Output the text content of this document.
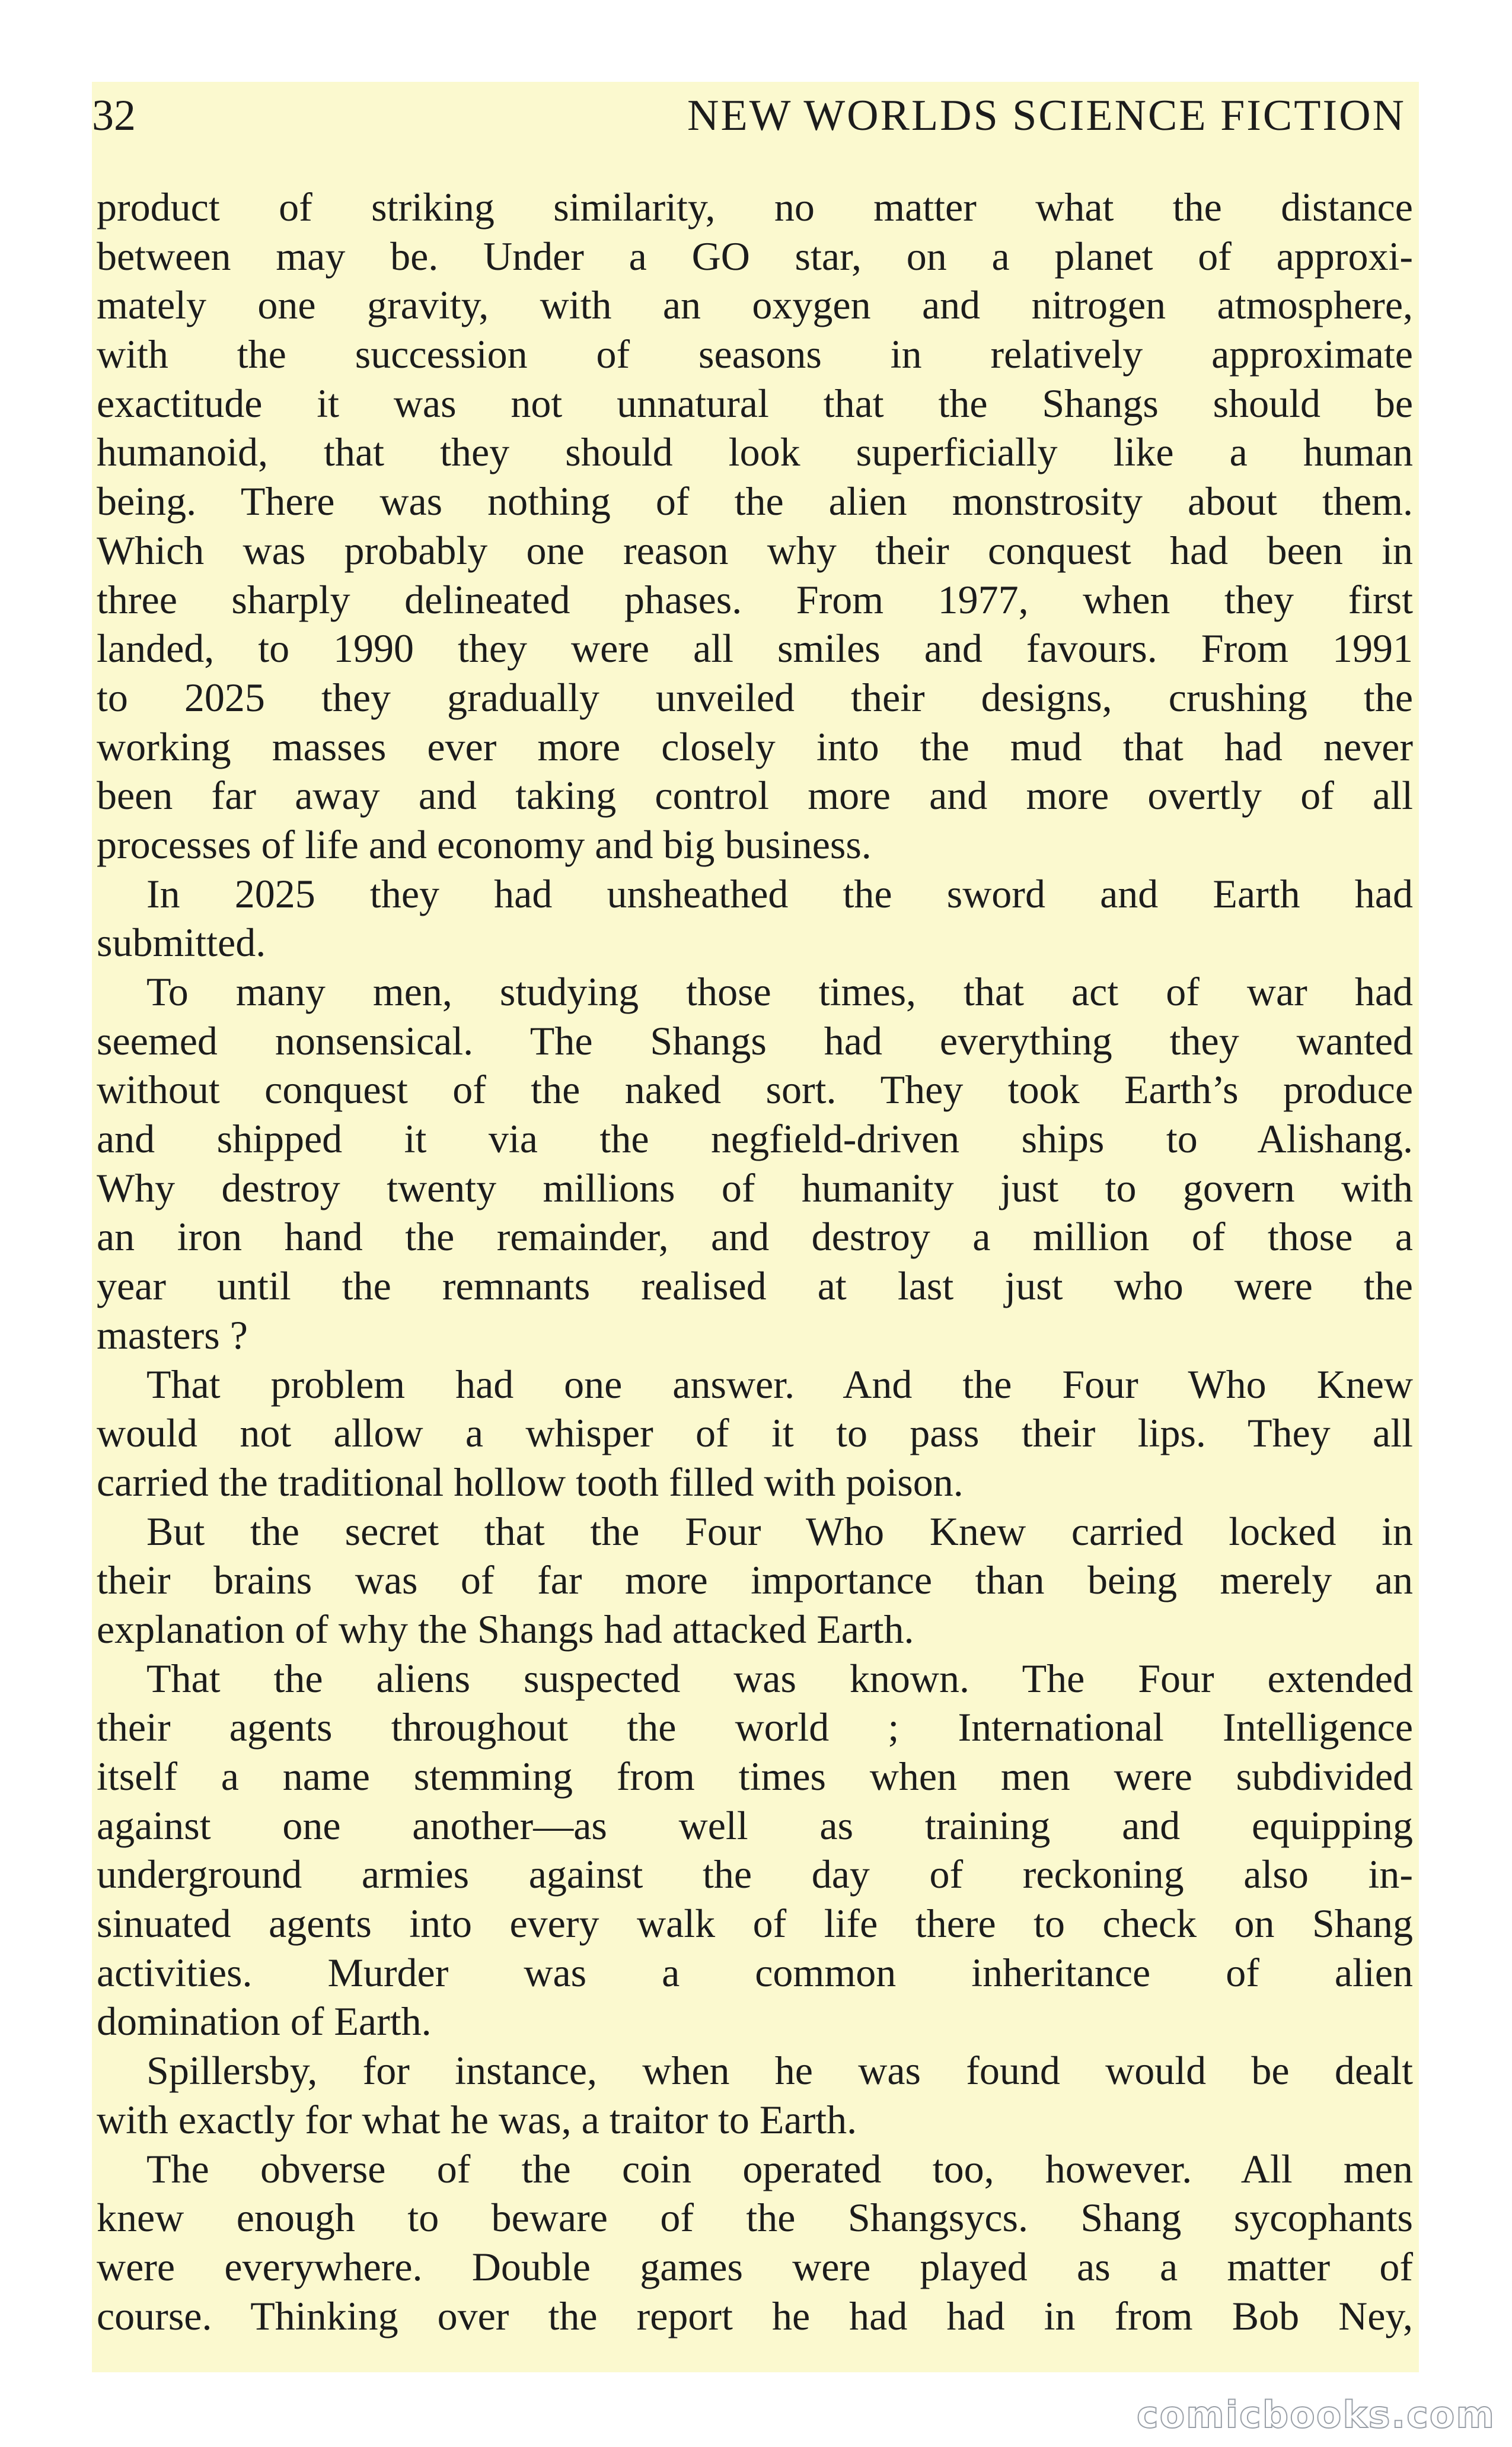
32	NEW WORLDS SCIENCE FICTION
product of striking similarity, no matter what the distance
between may be. Under a GO star, on a planet of approxi-
mately one gravity, with an oxygen and nitrogen atmosphere,
with the succession of seasons in relatively approximate
exactitude it was not unnatural that the Shangs should be
humanoid, that they should look superficially like a human
being. There was nothing of the alien monstrosity about them.
Which was probably one reason why their conquest had been in
three sharply delineated phases. From 1977, when they first
landed, to 1990 they were all smiles and favours. From 1991
to 2025 they gradually unveiled their designs, crushing the
working masses ever more closely into the mud that had never
been far away and taking control more and more overtly of all
processes of life and economy and big business.
In 2025 they had unsheathed the sword and Earth had
submitted.
To many men, studying those times, that act of war had
seemed nonsensical. The Shangs had everything they wanted
without conquest of the naked sort. They took Earth’s produce
and shipped it via the negfield-driven ships to Alishang.
Why destroy twenty millions of humanity just to govern with
an iron hand the remainder, and destroy a million of those a
year until the remnants realised at last just who were the
masters ?
That problem had one answer. And the Four Who Knew
would not allow a whisper of it to pass their lips. They all
carried the traditional hollow tooth filled with poison.
But the secret that the Four Who Knew carried locked in
their brains was of far more importance than being merely an
explanation of why the Shangs had attacked Earth.
That the aliens suspected was known. The Four extended
their agents throughout the world ; International Intelligence
itself a name stemming from times when men were subdivided
against one another—as well as training and equipping
underground armies against the day of reckoning also in-
sinuated agents into every walk of life there to check on Shang
activities. Murder was a common inheritance of alien
domination of Earth.
Spillersby, for instance, when he was found would be dealt
with exactly for what he was, a traitor to Earth.
The obverse of the coin operated too, however. All men
knew enough to beware of the Shangsycs. Shang sycophants
were everywhere. Double games were played as a matter of
course. Thinking over the report he had had in from Bob Ney,
comicbooks.com
